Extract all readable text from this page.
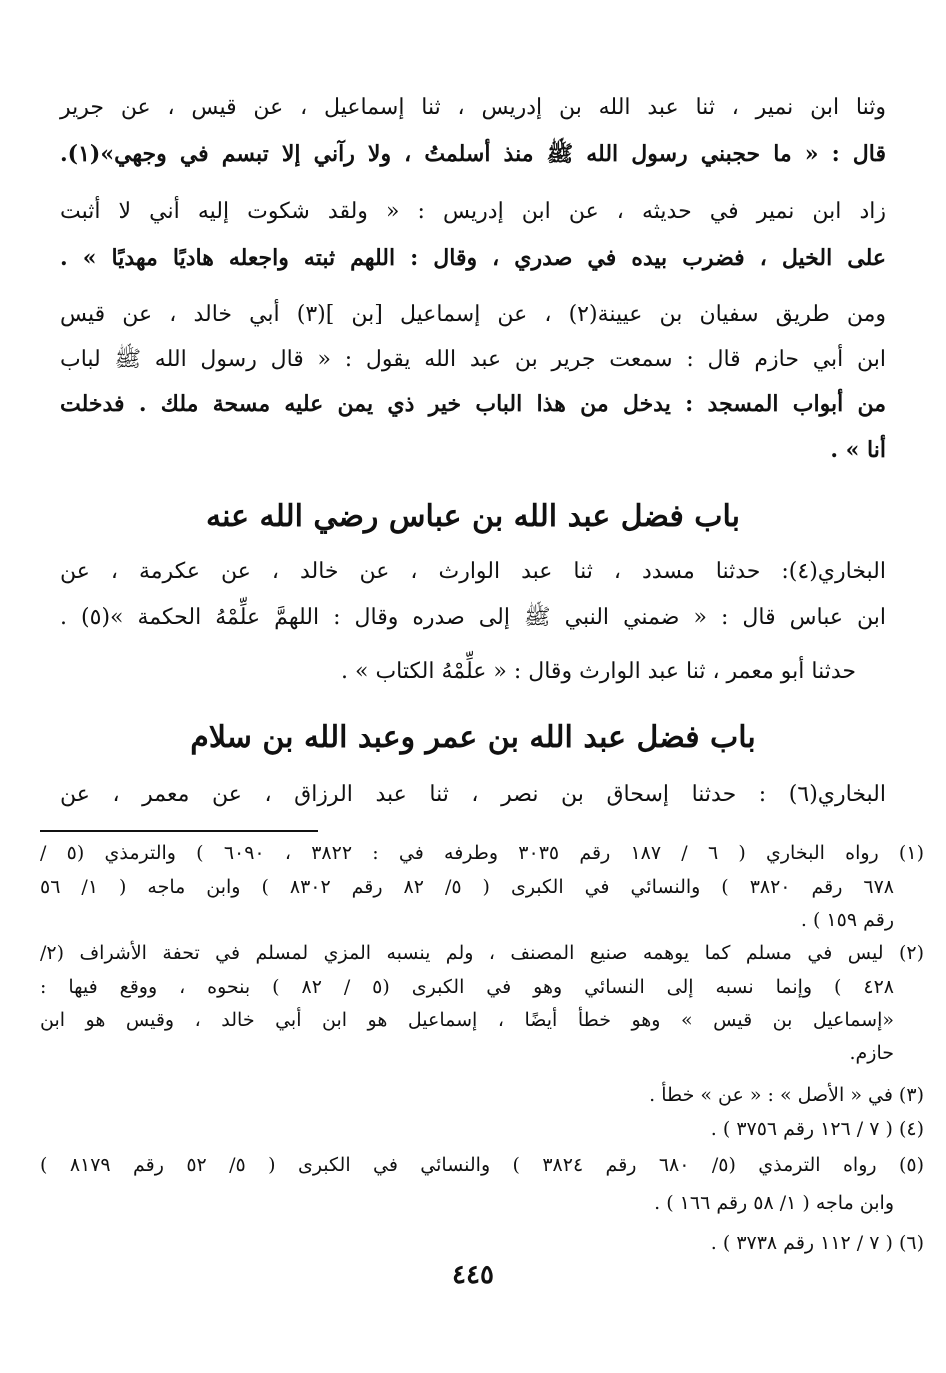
وثنا ابن نمير ، ثنا عبد الله بن إدريس ، ثنا إسماعيل ، عن قيس ، عن جرير
قال : « ما حجبني رسول الله ﷺ منذ أسلمتُ ، ولا رآني إلا تبسم في وجهي»(١).
زاد ابن نمير في حديثه ، عن ابن إدريس : « ولقد شكوت إليه أني لا أثبت
على الخيل ، فضرب بيده في صدري ، وقال : اللهم ثبته واجعله هاديًا مهديًا » .
ومن طريق سفيان بن عيينة(٢) ، عن إسماعيل [بن ](٣) أبي خالد ، عن قيس
ابن أبي حازم قال : سمعت جرير بن عبد الله يقول : « قال رسول الله ﷺ لباب
من أبواب المسجد : يدخل من هذا الباب خير ذي يمن عليه مسحة ملك . فدخلت
أنا » .
باب فضل عبد الله بن عباس رضي الله عنه
البخاري(٤): حدثنا مسدد ، ثنا عبد الوارث ، عن خالد ، عن عكرمة ، عن
ابن عباس قال : « ضمني النبي ﷺ إلى صدره وقال : اللهمَّ علِّمْهُ الحكمة »(٥) .
حدثنا أبو معمر ، ثنا عبد الوارث وقال : « علِّمْهُ الكتاب » .
باب فضل عبد الله بن عمر وعبد الله بن سلام
البخاري(٦) : حدثنا إسحاق بن نصر ، ثنا عبد الرزاق ، عن معمر ، عن
(١) رواه البخاري ( ٦ / ١٨٧ رقم ٣٠٣٥ وطرفه في : ٣٨٢٢ ، ٦٠٩٠ ) والترمذي (٥ /
٦٧٨ رقم ٣٨٢٠ ) والنسائي في الكبرى ( ٥/ ٨٢ رقم ٨٣٠٢ ) وابن ماجه ( ١/ ٥٦
رقم ١٥٩ ) .
(٢) ليس في مسلم كما يوهمه صنيع المصنف ، ولم ينسبه المزي لمسلم في تحفة الأشراف (٢/
٤٢٨ ) وإنما نسبه إلى النسائي وهو في الكبرى (٥ / ٨٢ ) بنحوه ، ووقع فيها :
«إسماعيل بن قيس » وهو خطأ أيضًا ، إسماعيل هو ابن أبي خالد ، وقيس هو ابن
حازم.
(٣) في « الأصل » : « عن » خطأ .
(٤) ( ٧ / ١٢٦ رقم ٣٧٥٦ ) .
(٥) رواه الترمذي (٥/ ٦٨٠ رقم ٣٨٢٤ ) والنسائي في الكبرى ( ٥/ ٥٢ رقم ٨١٧٩ )
وابن ماجه ( ١/ ٥٨ رقم ١٦٦ ) .
(٦) ( ٧ / ١١٢ رقم ٣٧٣٨ ) .
٤٤٥
